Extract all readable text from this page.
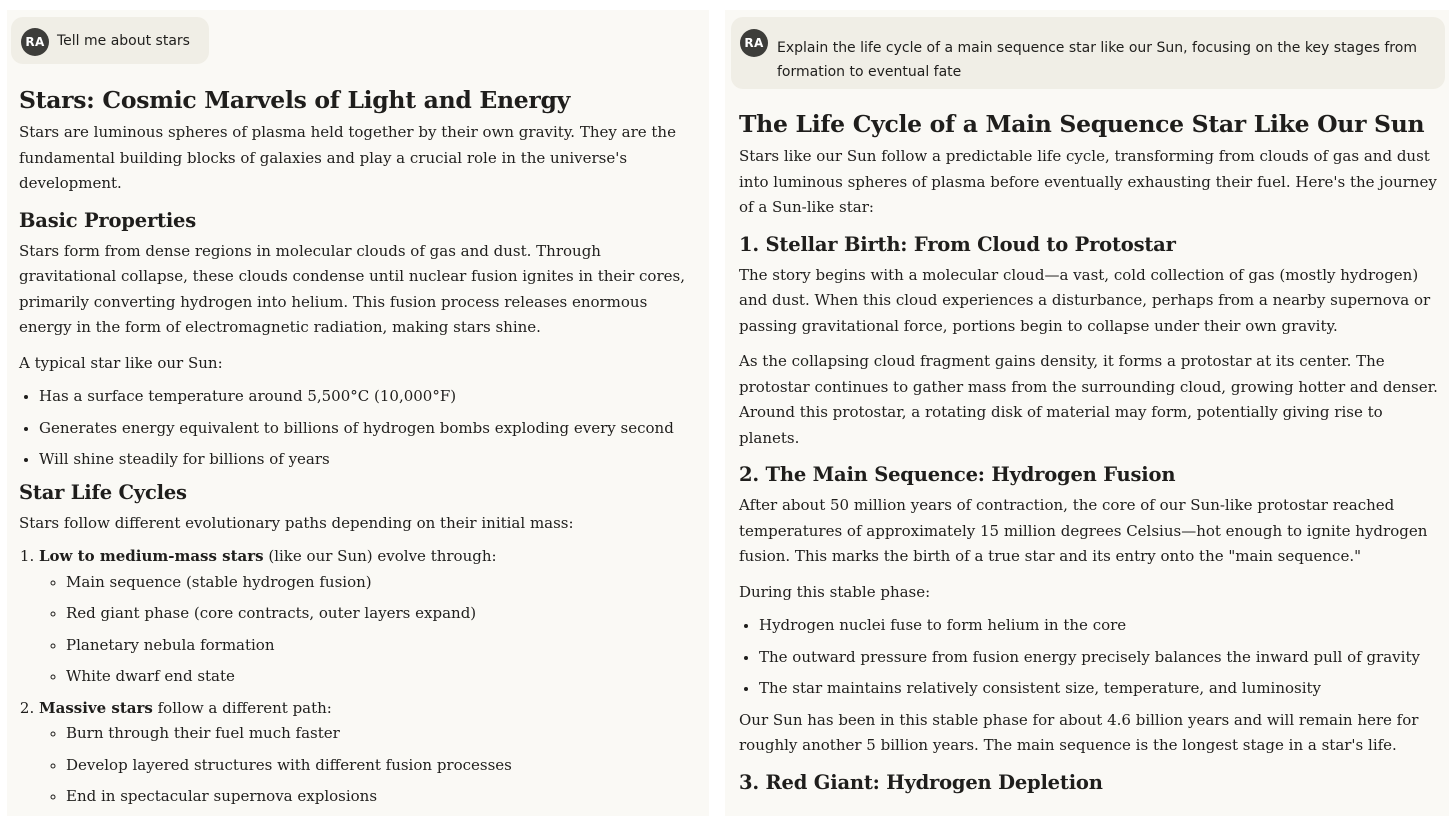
RA Tell me about stars
Stars: Cosmic Marvels of Light and Energy

Stars are luminous spheres of plasma held together by their own gravity. They are the fundamental building blocks of galaxies and play a crucial role in the universe's development.

Basic Properties

Stars form from dense regions in molecular clouds of gas and dust. Through gravitational collapse, these clouds condense until nuclear fusion ignites in their cores, primarily converting hydrogen into helium. This fusion process releases enormous energy in the form of electromagnetic radiation, making stars shine.

A typical star like our Sun:

• Has a surface temperature around 5,500°C (10,000°F)
• Generates energy equivalent to billions of hydrogen bombs exploding every second
• Will shine steadily for billions of years
Star Life Cycles

Stars follow different evolutionary paths depending on their initial mass:

1. Low to medium-mass stars (like our Sun) evolve through:
◦ Main sequence (stable hydrogen fusion)
◦ Red giant phase (core contracts, outer layers expand)
◦ Planetary nebula formation
◦ White dwarf end state
2. Massive stars follow a different path:
◦ Burn through their fuel much faster
◦ Develop layered structures with different fusion processes
◦ End in spectacular supernova explosions
RA Explain the life cycle of a main sequence star like our Sun, focusing on the key stages from formation to eventual fate
The Life Cycle of a Main Sequence Star Like Our Sun

Stars like our Sun follow a predictable life cycle, transforming from clouds of gas and dust into luminous spheres of plasma before eventually exhausting their fuel. Here's the journey of a Sun-like star:

1. Stellar Birth: From Cloud to Protostar

The story begins with a molecular cloud—a vast, cold collection of gas (mostly hydrogen) and dust. When this cloud experiences a disturbance, perhaps from a nearby supernova or passing gravitational force, portions begin to collapse under their own gravity.

As the collapsing cloud fragment gains density, it forms a protostar at its center. The protostar continues to gather mass from the surrounding cloud, growing hotter and denser. Around this protostar, a rotating disk of material may form, potentially giving rise to planets.

2. The Main Sequence: Hydrogen Fusion

After about 50 million years of contraction, the core of our Sun-like protostar reached temperatures of approximately 15 million degrees Celsius—hot enough to ignite hydrogen fusion. This marks the birth of a true star and its entry onto the "main sequence."

During this stable phase:

• Hydrogen nuclei fuse to form helium in the core
• The outward pressure from fusion energy precisely balances the inward pull of gravity
• The star maintains relatively consistent size, temperature, and luminosity

Our Sun has been in this stable phase for about 4.6 billion years and will remain here for roughly another 5 billion years. The main sequence is the longest stage in a star's life.

3. Red Giant: Hydrogen Depletion
